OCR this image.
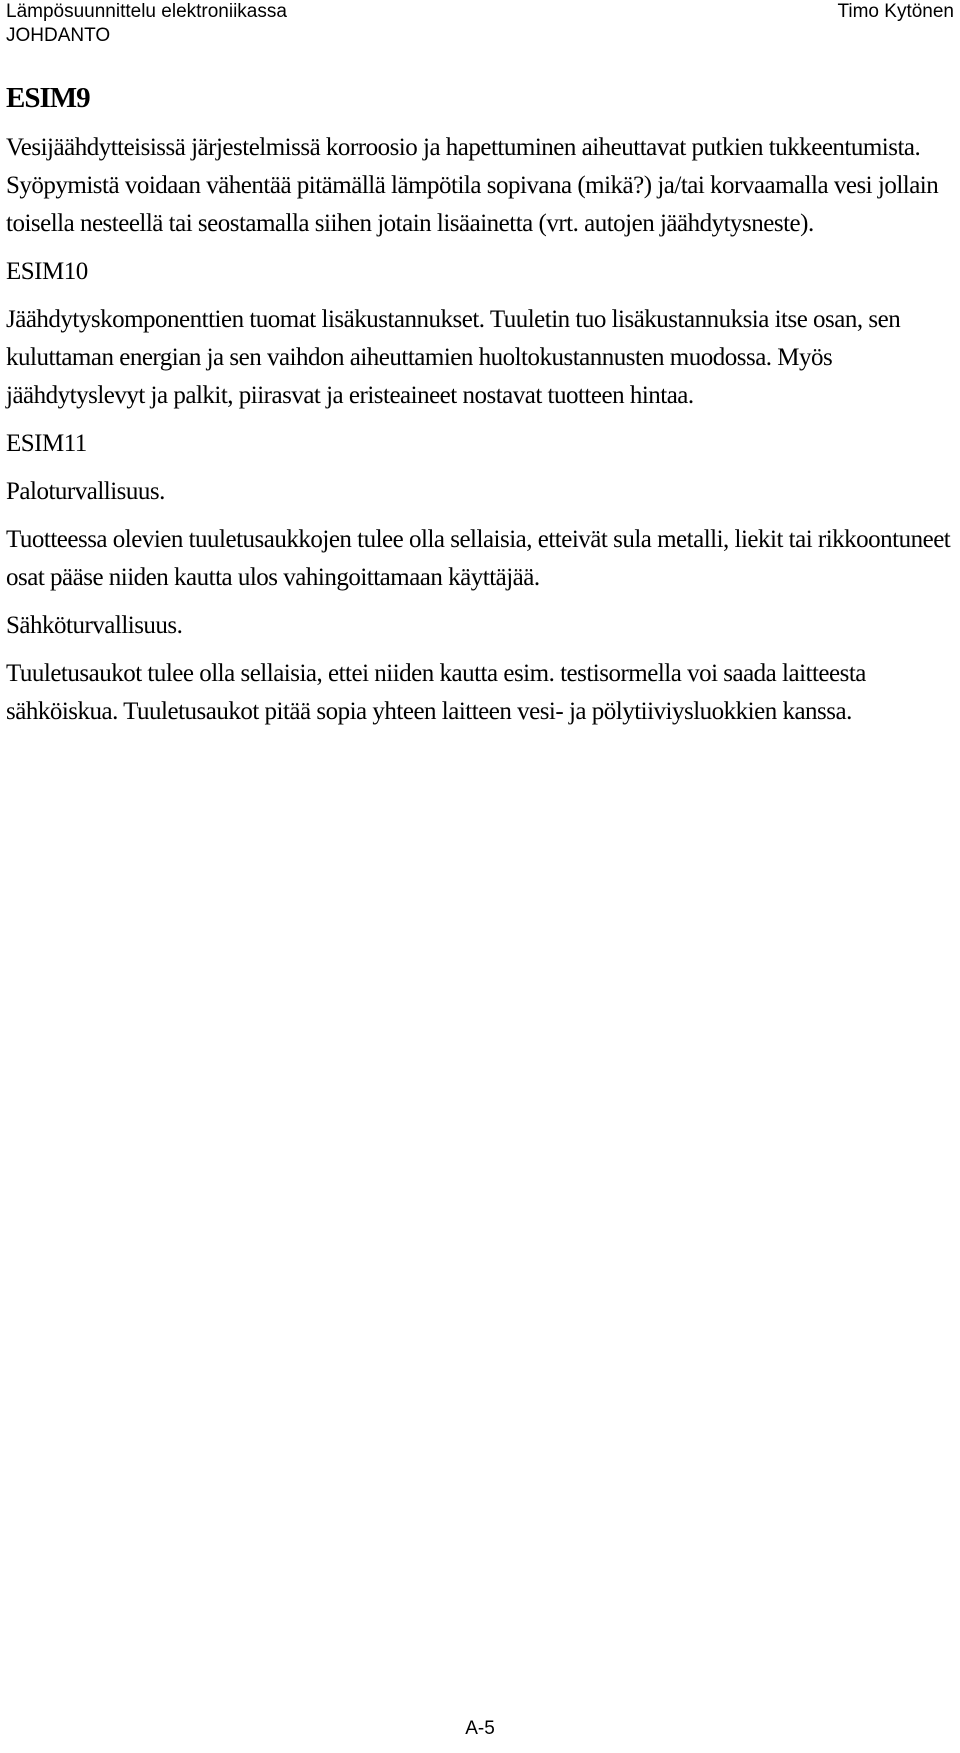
Lämpösuunnittelu elektroniikassa
JOHDANTO
Timo Kytönen
ESIM9

Vesijäähdytteisissä järjestelmissä korroosio ja hapettuminen aiheuttavat putkien tukkeentumista. Syöpymistä voidaan vähentää pitämällä lämpötila sopivana (mikä?) ja/tai korvaamalla vesi jollain toisella nesteellä tai seostamalla siihen jotain lisäainetta (vrt. autojen jäähdytysneste).

ESIM10

Jäähdytyskomponenttien tuomat lisäkustannukset. Tuuletin tuo lisäkustannuksia itse osan, sen kuluttaman energian ja sen vaihdon aiheuttamien huoltokustannusten muodossa. Myös jäähdytyslevyt ja palkit, piirasvat ja eristeaineet nostavat tuotteen hintaa.

ESIM11

Paloturvallisuus.

Tuotteessa olevien tuuletusaukkojen tulee olla sellaisia, etteivät sula metalli, liekit tai rikkoontuneet osat pääse niiden kautta ulos vahingoittamaan käyttäjää.

Sähköturvallisuus.

Tuuletusaukot tulee olla sellaisia, ettei niiden kautta esim. testisormella voi saada laitteesta sähköiskua. Tuuletusaukot pitää sopia yhteen laitteen vesi- ja pölytiiviysluokkien kanssa.

A-5
